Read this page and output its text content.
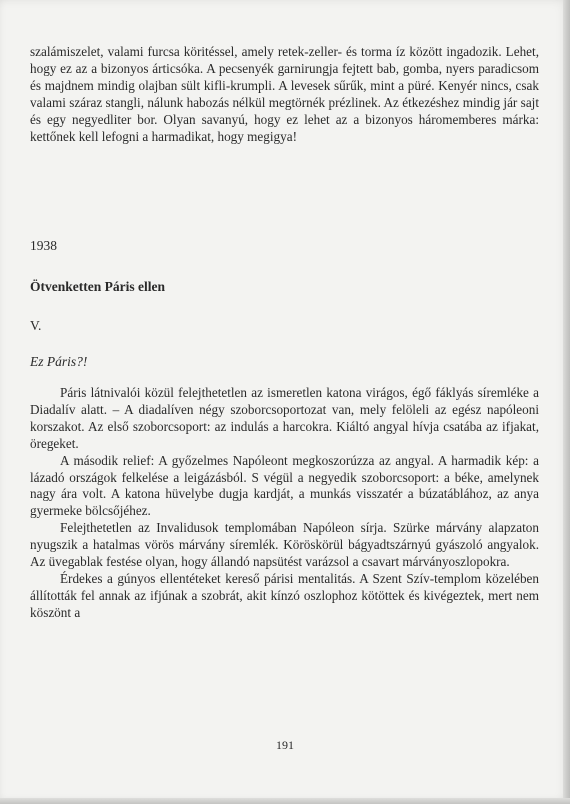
szalámiszelet, valami furcsa köritéssel, amely retek-zeller- és torma íz között ingadozik. Lehet, hogy ez az a bizonyos árticsóka. A pecsenyék garnirungja fejtett bab, gomba, nyers paradicsom és majdnem mindig olajban sült kifli-krumpli. A levesek sűrűk, mint a püré. Kenyér nincs, csak valami száraz stangli, nálunk habozás nélkül megtörnék prézlinek. Az étkezéshez mindig jár sajt és egy negyedliter bor. Olyan savanyú, hogy ez lehet az a bizonyos háromemberes márka: kettőnek kell lefogni a harmadikat, hogy megigya!

1938
Ötvenketten Páris ellen
V.
Ez Páris?!

Páris látnivalói közül felejthetetlen az ismeretlen katona virágos, égő fáklyás síremléke a Diadalív alatt. – A diadalíven négy szoborcsoportozat van, mely felöleli az egész napóleoni korszakot. Az első szoborcsoport: az indulás a harcokra. Kiáltó angyal hívja csatába az ifjakat, öregeket.

A második relief: A győzelmes Napóleont megkoszorúzza az angyal. A harmadik kép: a lázadó országok felkelése a leigázásból. S végül a negyedik szoborcsoport: a béke, amelynek nagy ára volt. A katona hüvelybe dugja kardját, a munkás visszatér a búzatáblához, az anya gyermeke bölcsőjéhez.

Felejthetetlen az Invalidusok templomában Napóleon sírja. Szürke márvány alapzaton nyugszik a hatalmas vörös márvány síremlék. Köröskörül bágyadtszárnyú gyászoló angyalok. Az üvegablak festése olyan, hogy állandó napsütést varázsol a csavart márványoszlopokra.

Érdekes a gúnyos ellentéteket kereső párisi mentalitás. A Szent Szív-templom közelében állították fel annak az ifjúnak a szobrát, akit kínzó oszlophoz kötöttek és kivégeztek, mert nem köszönt a

191
